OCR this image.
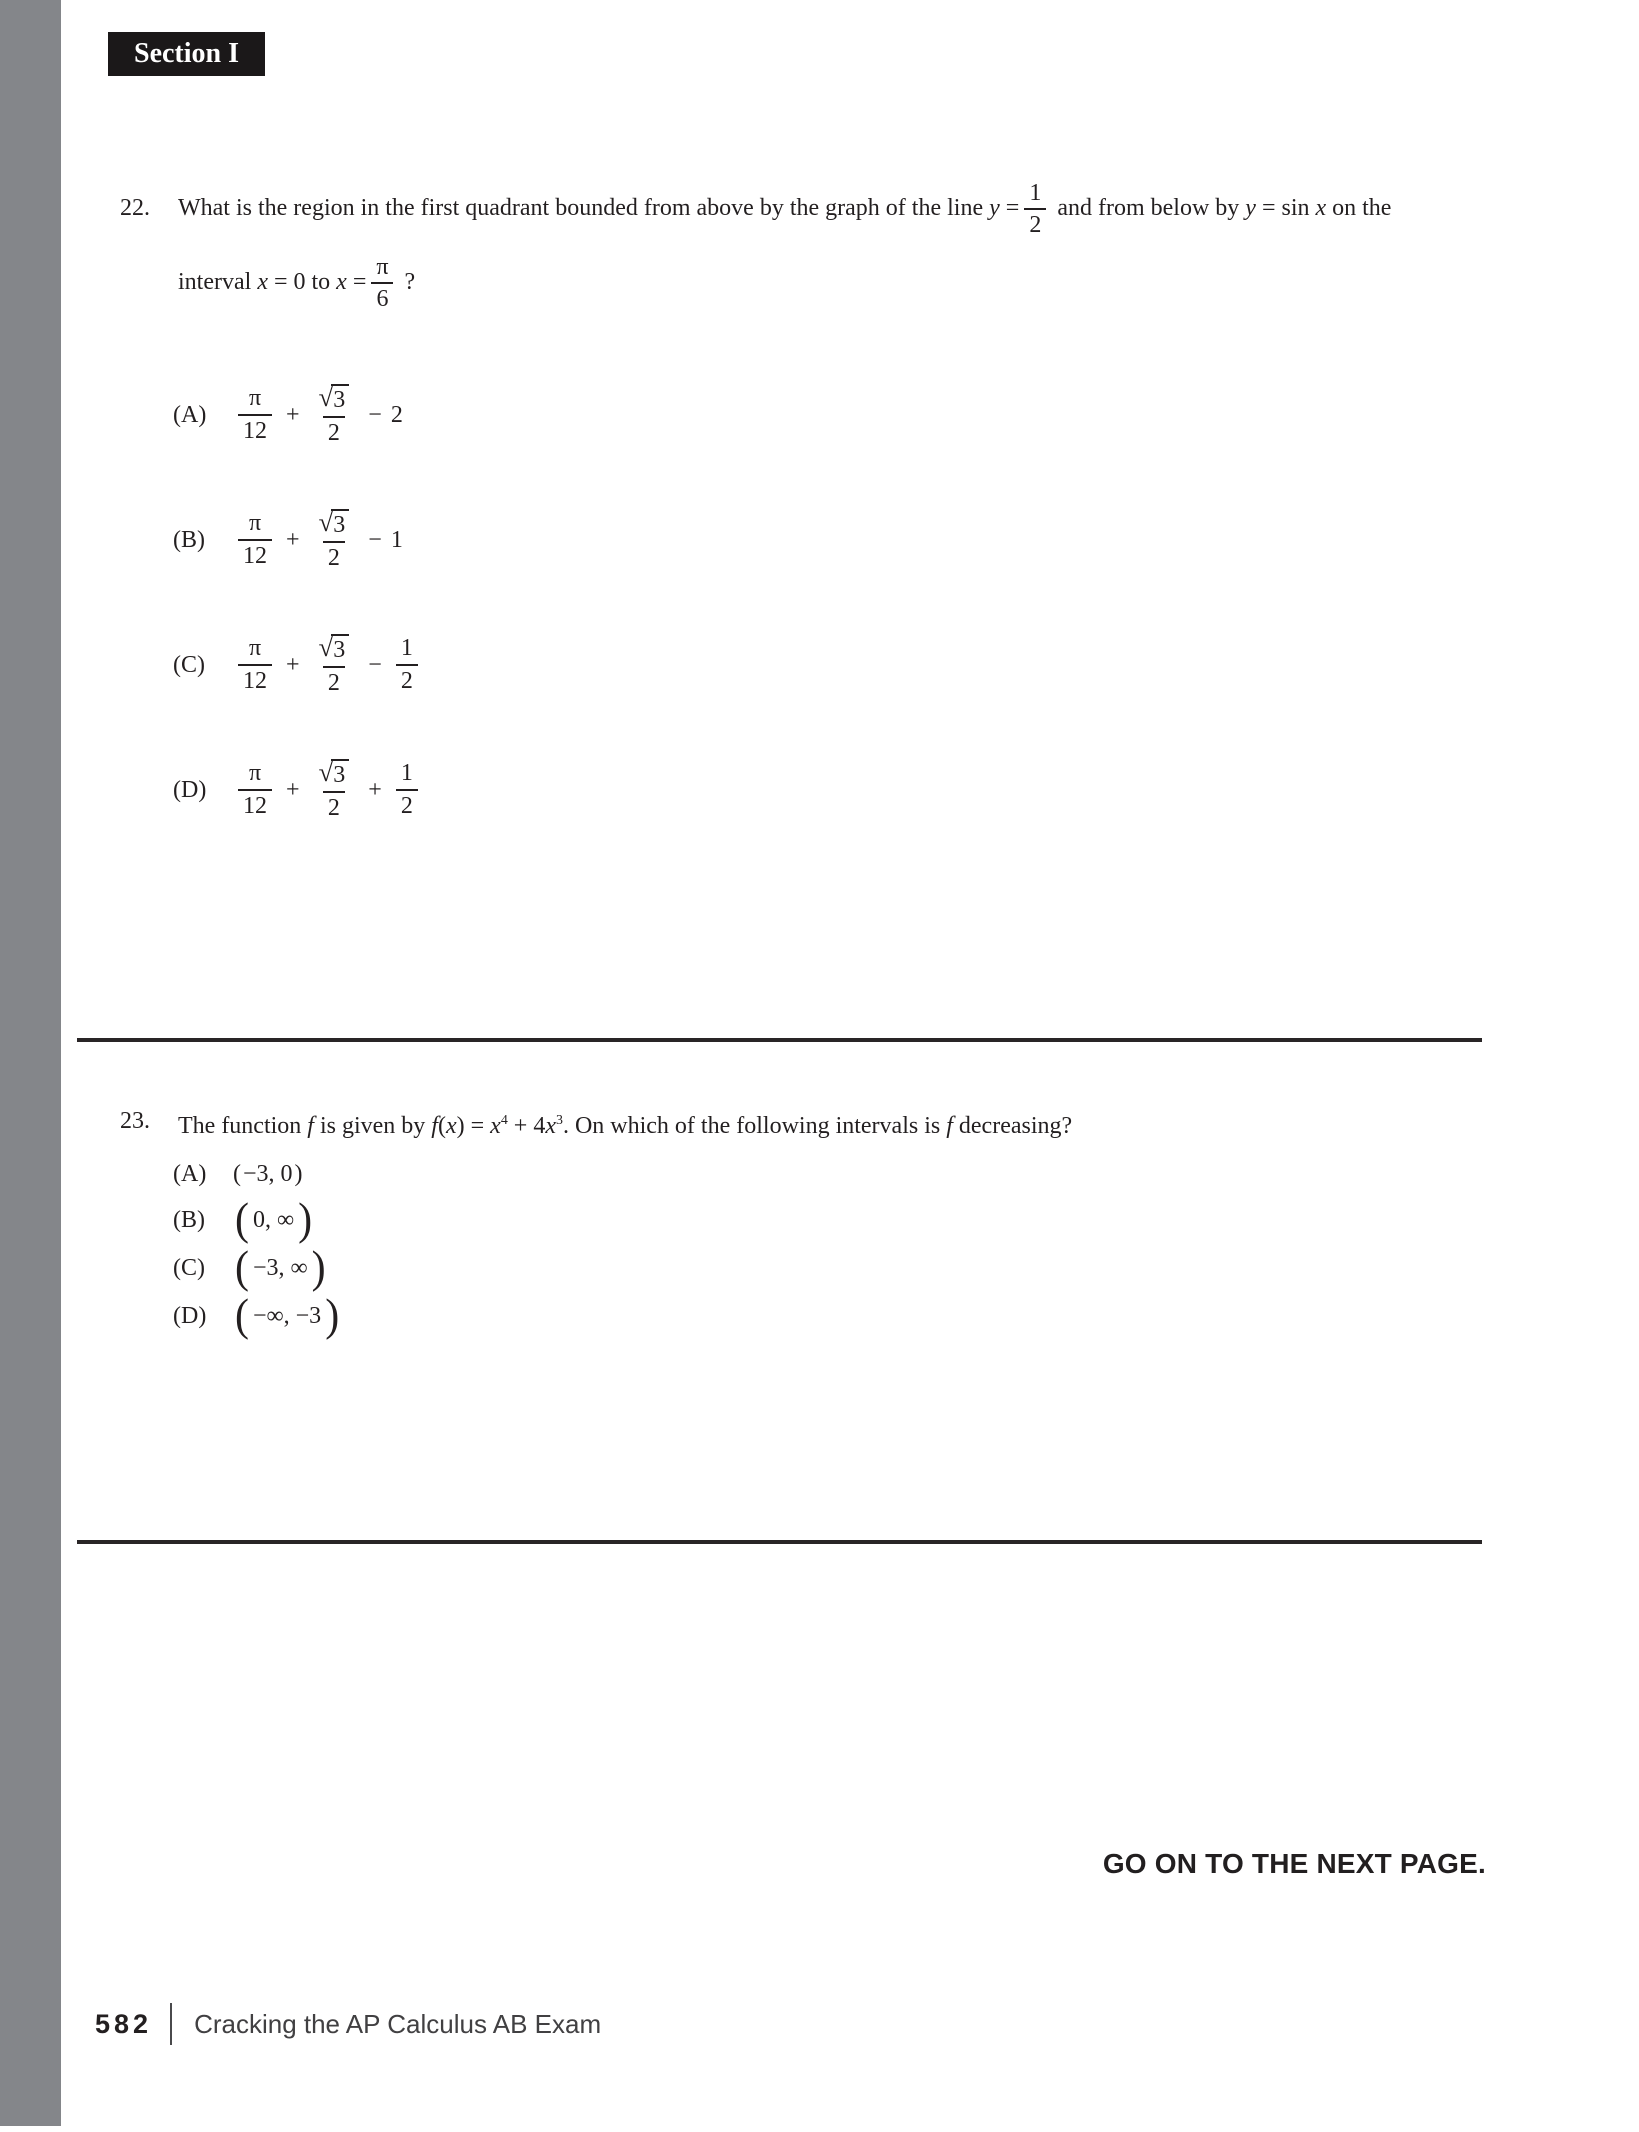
Section I
22.	What is the region in the first quadrant bounded from above by the graph of the line $y = \frac{1}{2}$ and from below by y = sin x on the
interval x = 0 to $x = \frac{\pi}{6}$ ?
(A)	$\frac{\pi}{12} + \frac{√ 3}{2} - 2$
(B)	$\frac{\pi}{12} + \frac{√ 3}{2} - 1$
(C)	$\frac{\pi}{12} + \frac{√ 3}{2} - \frac{1}{2}$
(D)	$\frac{\pi}{12} + \frac{√ 3}{2} + \frac{1}{2}$
23.	The function f is given by $f(x) = x^4 + 4x^3$. On which of the following intervals is f decreasing?
(A)	( −3, 0 )
(B) ( 0, ∞ )
(C) ( −3, ∞ )
(D) ( −∞, −3 )
GO ON TO THE NEXT PAGE.
582 Cracking the AP Calculus AB Exam
